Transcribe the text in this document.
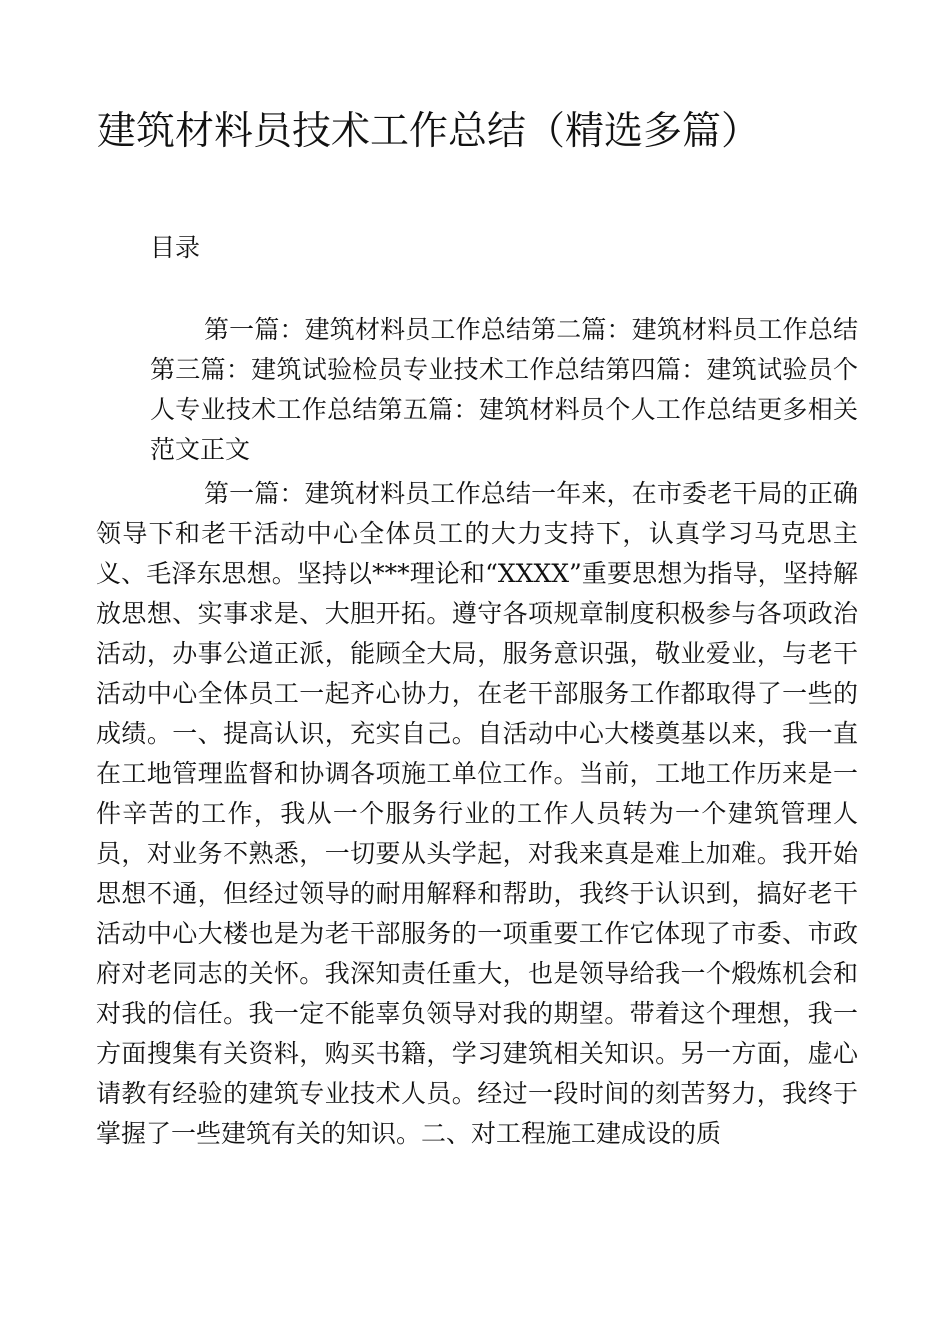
建筑材料员技术工作总结（精选多篇）

目录

第一篇：建筑材料员工作总结第二篇：建筑材料员工作总结第三篇：建筑试验检员专业技术工作总结第四篇：建筑试验员个人专业技术工作总结第五篇：建筑材料员个人工作总结更多相关范文正文

第一篇：建筑材料员工作总结一年来，在市委老干局的正确领导下和老干活动中心全体员工的大力支持下，认真学习马克思主义、毛泽东思想。坚持以***理论和“XXXX”重要思想为指导，坚持解放思想、实事求是、大胆开拓。遵守各项规章制度积极参与各项政治活动，办事公道正派，能顾全大局，服务意识强，敬业爱业，与老干活动中心全体员工一起齐心协力，在老干部服务工作都取得了一些的成绩。一、提高认识，充实自己。自活动中心大楼奠基以来，我一直在工地管理监督和协调各项施工单位工作。当前，工地工作历来是一件辛苦的工作，我从一个服务行业的工作人员转为一个建筑管理人员，对业务不熟悉，一切要从头学起，对我来真是难上加难。我开始思想不通，但经过领导的耐用解释和帮助，我终于认识到，搞好老干活动中心大楼也是为老干部服务的一项重要工作它体现了市委、市政府对老同志的关怀。我深知责任重大，也是领导给我一个煅炼机会和对我的信任。我一定不能辜负领导对我的期望。带着这个理想，我一方面搜集有关资料，购买书籍，学习建筑相关知识。另一方面，虚心请教有经验的建筑专业技术人员。经过一段时间的刻苦努力，我终于掌握了一些建筑有关的知识。二、对工程施工建成设的质
